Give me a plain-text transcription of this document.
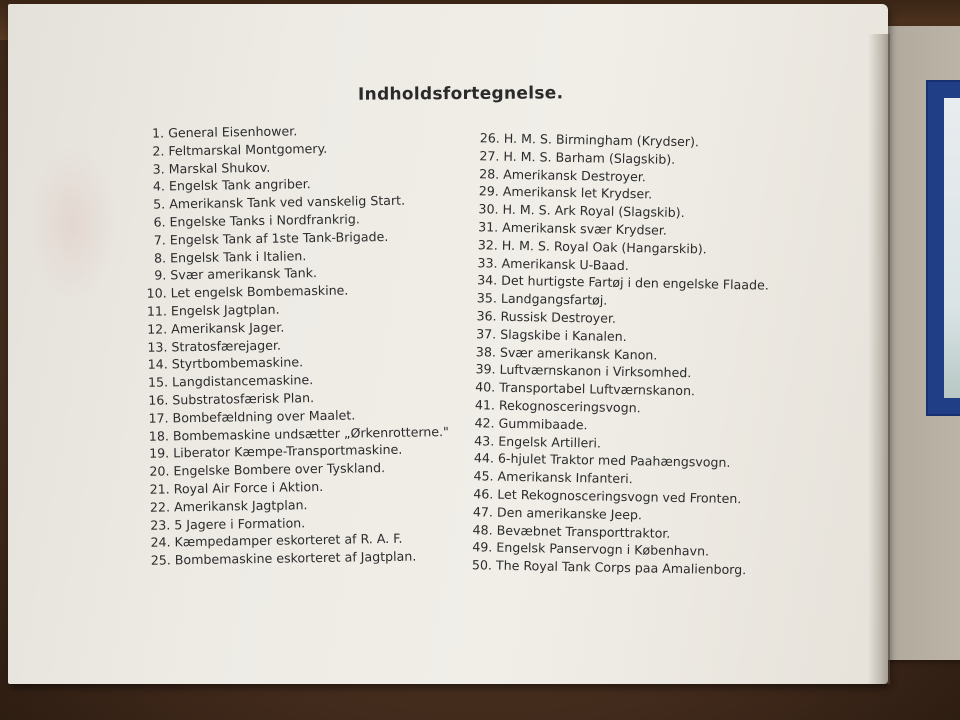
Indholdsfortegnelse.
1. General Eisenhower.
2. Feltmarskal Montgomery.
3. Marskal Shukov.
4. Engelsk Tank angriber.
5. Amerikansk Tank ved vanskelig Start.
6. Engelske Tanks i Nordfrankrig.
7. Engelsk Tank af 1ste Tank-Brigade.
8. Engelsk Tank i Italien.
9. Svær amerikansk Tank.
10. Let engelsk Bombemaskine.
11. Engelsk Jagtplan.
12. Amerikansk Jager.
13. Stratosfærejager.
14. Styrtbombemaskine.
15. Langdistancemaskine.
16. Substratosfærisk Plan.
17. Bombefældning over Maalet.
18. Bombemaskine undsætter „Ørkenrotterne."
19. Liberator Kæmpe-Transportmaskine.
20. Engelske Bombere over Tyskland.
21. Royal Air Force i Aktion.
22. Amerikansk Jagtplan.
23. 5 Jagere i Formation.
24. Kæmpedamper eskorteret af R. A. F.
25. Bombemaskine eskorteret af Jagtplan.
26. H. M. S. Birmingham (Krydser).
27. H. M. S. Barham (Slagskib).
28. Amerikansk Destroyer.
29. Amerikansk let Krydser.
30. H. M. S. Ark Royal (Slagskib).
31. Amerikansk svær Krydser.
32. H. M. S. Royal Oak (Hangarskib).
33. Amerikansk U-Baad.
34. Det hurtigste Fartøj i den engelske Flaade.
35. Landgangsfartøj.
36. Russisk Destroyer.
37. Slagskibe i Kanalen.
38. Svær amerikansk Kanon.
39. Luftværnskanon i Virksomhed.
40. Transportabel Luftværnskanon.
41. Rekognosceringsvogn.
42. Gummibaade.
43. Engelsk Artilleri.
44. 6-hjulet Traktor med Paahængsvogn.
45. Amerikansk Infanteri.
46. Let Rekognosceringsvogn ved Fronten.
47. Den amerikanske Jeep.
48. Bevæbnet Transporttraktor.
49. Engelsk Panservogn i København.
50. The Royal Tank Corps paa Amalienborg.
